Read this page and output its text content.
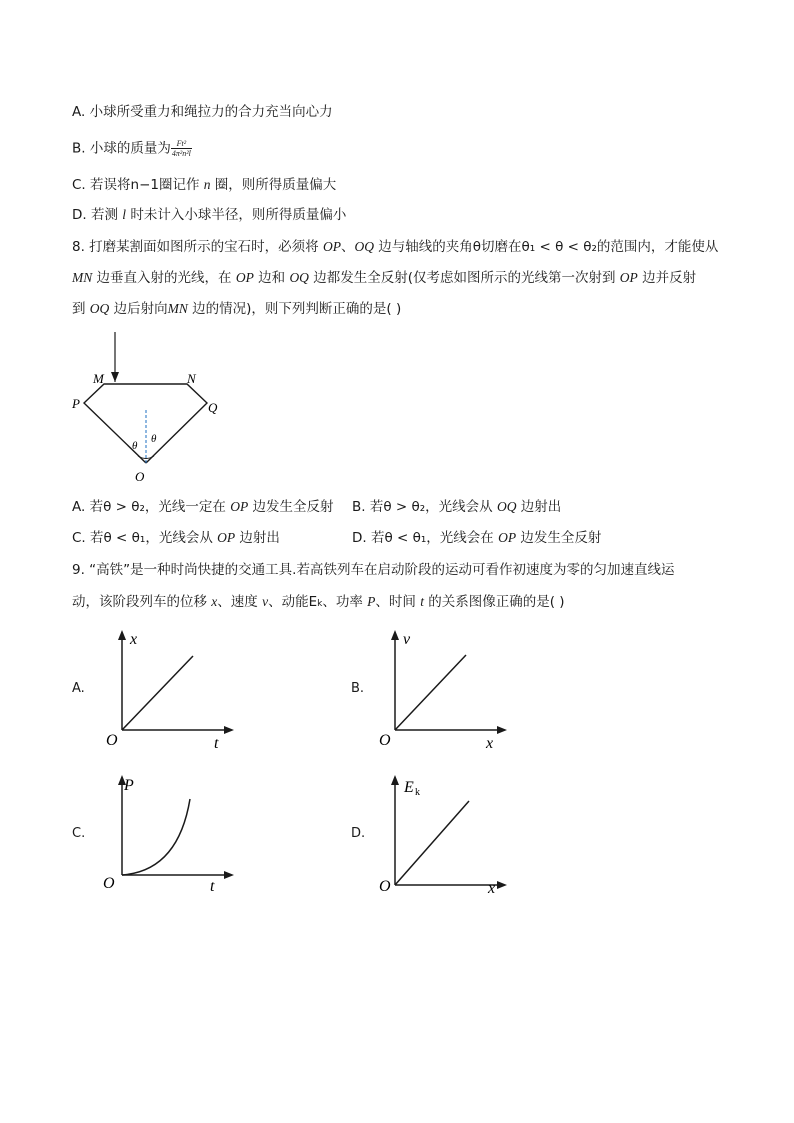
A. 小球所受重力和绳拉力的合力充当向心力
B. 小球的质量为 $\frac{\text{Ft²}}{\text{4π²n²l}}$
C. 若误将n−1圈记作 n 圈，则所得质量偏大
D. 若测 l 时未计入小球半径，则所得质量偏小
8. 打磨某割面如图所示的宝石时，必须将 OP、OQ 边与轴线的夹角θ切磨在θ₁ < θ < θ₂的范围内，才能使从
MN 边垂直入射的光线，在 OP 边和 OQ 边都发生全反射(仅考虑如图所示的光线第一次射到 OP 边并反射
到 OQ 边后射向MN 边的情况)，则下列判断正确的是( )
M	N
P	Q
O
θ
θ
A. 若θ > θ₂，光线一定在 OP 边发生全反射 B. 若θ > θ₂，光线会从 OQ 边射出
C. 若θ < θ₁，光线会从 OP 边射出	D. 若θ < θ₁，光线会在 OP 边发生全反射
9. “高铁”是一种时尚快捷的交通工具.若高铁列车在启动阶段的运动可看作初速度为零的匀加速直线运
动，该阶段列车的位移 x、速度 v、动能Ek、功率 P、时间 t 的关系图像正确的是( )
A.	B.
C.	D.
x
t
O
v
x
O
P
t
O
E k
x
O
